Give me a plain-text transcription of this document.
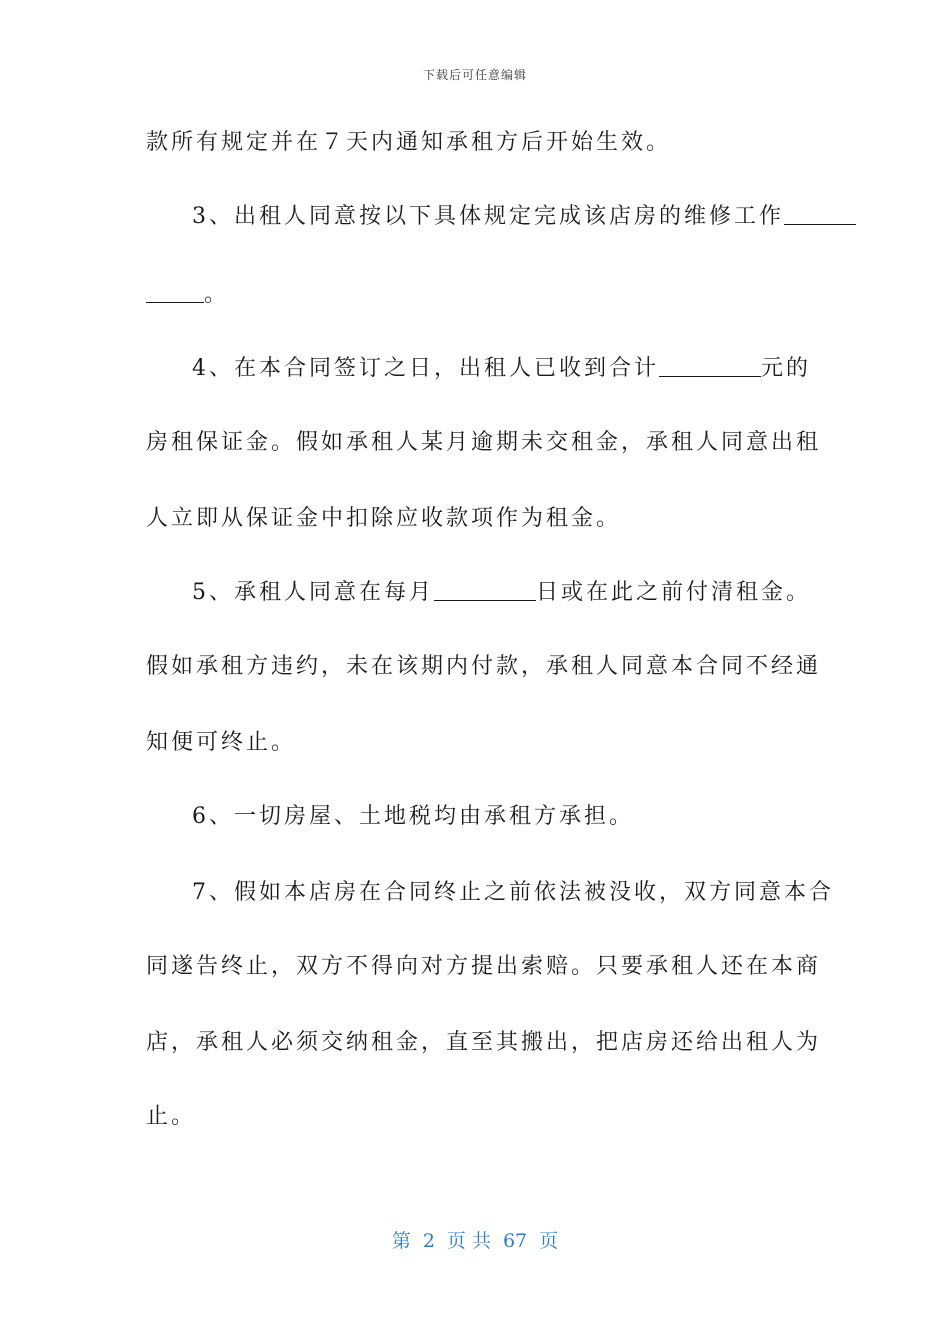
下载后可任意编辑
款所有规定并在７天内通知承租方后开始生效。
3、出租人同意按以下具体规定完成该店房的维修工作
。
4、在本合同签订之日，出租人已收到合计	元的
房租保证金。假如承租人某月逾期未交租金，承租人同意出租
人立即从保证金中扣除应收款项作为租金。
5、承租人同意在每月	日或在此之前付清租金。
假如承租方违约，未在该期内付款，承租人同意本合同不经通
知便可终止。
6、一切房屋、土地税均由承租方承担。
7、假如本店房在合同终止之前依法被没收，双方同意本合
同遂告终止，双方不得向对方提出索赔。只要承租人还在本商
店，承租人必须交纳租金，直至其搬出，把店房还给出租人为
止。
第 2 页 共 67 页
